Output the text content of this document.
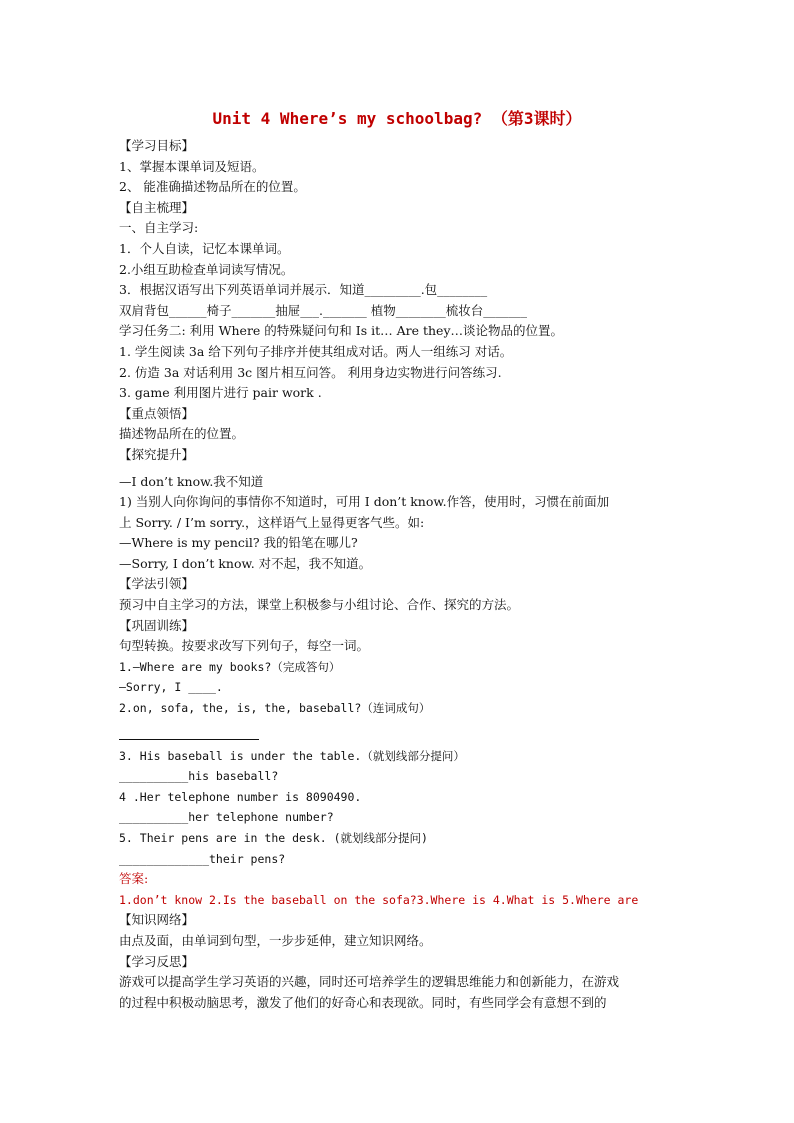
Unit 4 Where’s my schoolbag? （第3课时）
【学习目标】
1、掌握本课单词及短语。
2、 能准确描述物品所在的位置。
【自主梳理】
一、自主学习:
1．个人自读，记忆本课单词。
2.小组互助检查单词读写情况。
3．根据汉语写出下列英语单词并展示．知道_________.包________
双肩背包______椅子_______抽屉___._______ 植物________梳妆台_______
学习任务二: 利用 Where 的特殊疑问句和 Is it… Are they…谈论物品的位置。
1. 学生阅读 3a 给下列句子排序并使其组成对话。两人一组练习 对话。
2. 仿造 3a 对话利用 3c 图片相互问答。 利用身边实物进行问答练习.
3. game 利用图片进行 pair work .
【重点领悟】
描述物品所在的位置。
【探究提升】
—I don’t know.我不知道
1) 当别人向你询问的事情你不知道时，可用 I don’t know.作答，使用时，习惯在前面加
上 Sorry. / I’m sorry.，这样语气上显得更客气些。如:
—Where is my pencil? 我的铅笔在哪儿?
—Sorry, I don’t know. 对不起，我不知道。
【学法引领】
预习中自主学习的方法，课堂上积极参与小组讨论、合作、探究的方法。
【巩固训练】
句型转换。按要求改写下列句子，每空一词。
1.—Where are my books?（完成答句）
—Sorry, I ____.
2.on, sofa, the, is, the, baseball?（连词成句）
3. His baseball is under the table.（就划线部分提问）
__________his baseball?
4 .Her telephone number is 8090490.
__________her telephone number?
5. Their pens are in the desk. (就划线部分提问)
_____________their pens?
答案:
1.don’t know 2.Is the baseball on the sofa?3.Where is 4.What is 5.Where are
【知识网络】
由点及面，由单词到句型，一步步延伸，建立知识网络。
【学习反思】
游戏可以提高学生学习英语的兴趣，同时还可培养学生的逻辑思维能力和创新能力，在游戏
的过程中积极动脑思考，激发了他们的好奇心和表现欲。同时，有些同学会有意想不到的
